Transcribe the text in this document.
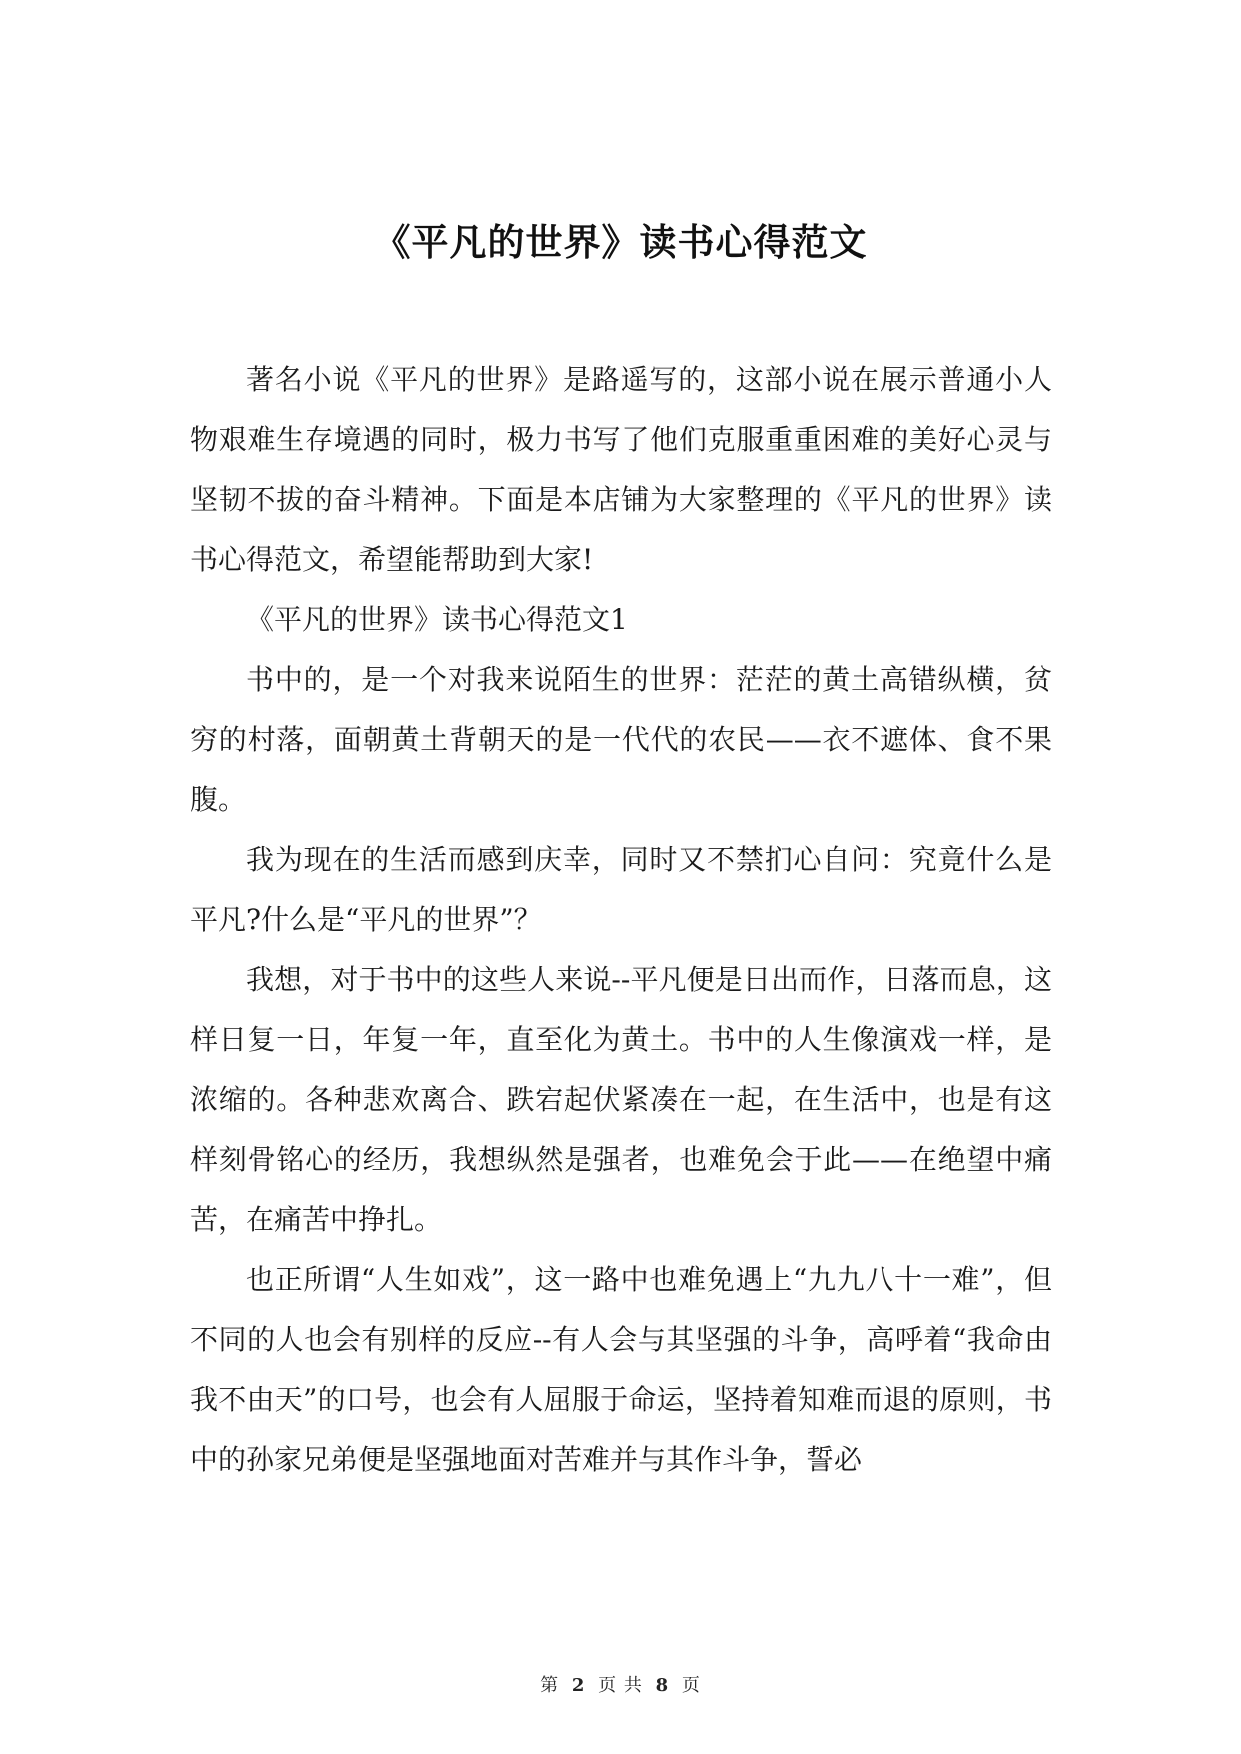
《平凡的世界》读书心得范文

著名小说《平凡的世界》是路遥写的，这部小说在展示普通小人物艰难生存境遇的同时，极力书写了他们克服重重困难的美好心灵与坚韧不拔的奋斗精神。下面是本店铺为大家整理的《平凡的世界》读书心得范文，希望能帮助到大家!

《平凡的世界》读书心得范文1

书中的，是一个对我来说陌生的世界：茫茫的黄土高错纵横，贫穷的村落，面朝黄土背朝天的是一代代的农民——衣不遮体、食不果腹。

我为现在的生活而感到庆幸，同时又不禁扪心自问：究竟什么是平凡?什么是“平凡的世界”？

我想，对于书中的这些人来说--平凡便是日出而作，日落而息，这样日复一日，年复一年，直至化为黄土。书中的人生像演戏一样，是浓缩的。各种悲欢离合、跌宕起伏紧凑在一起，在生活中，也是有这样刻骨铭心的经历，我想纵然是强者，也难免会于此——在绝望中痛苦，在痛苦中挣扎。

也正所谓“人生如戏”，这一路中也难免遇上“九九八十一难”，但不同的人也会有别样的反应--有人会与其坚强的斗争，高呼着“我命由我不由天”的口号，也会有人屈服于命运，坚持着知难而退的原则，书中的孙家兄弟便是坚强地面对苦难并与其作斗争，誓必

第 2 页 共 8 页
